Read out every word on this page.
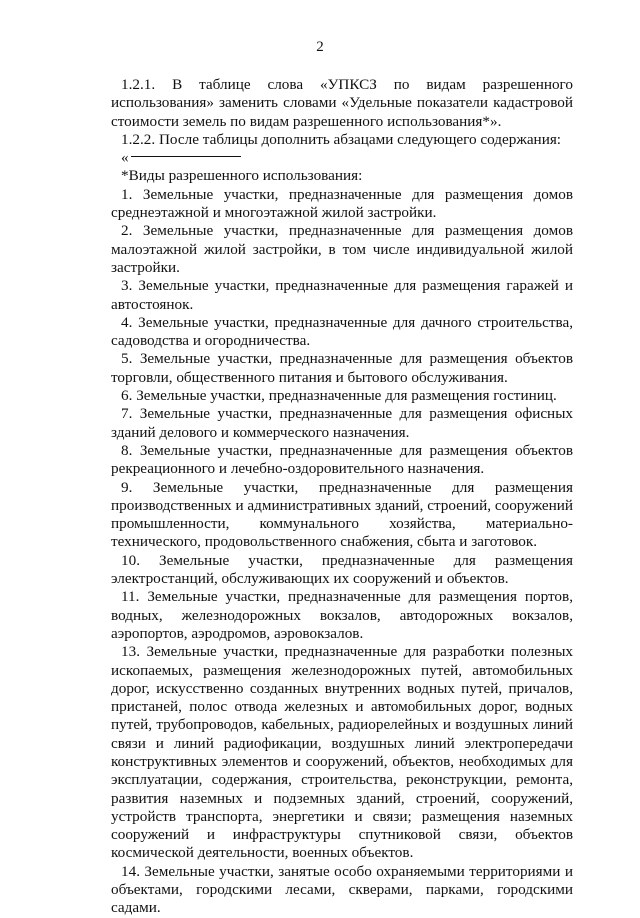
2

1.2.1. В таблице слова «УПКСЗ по видам разрешенного использования» заменить словами «Удельные показатели кадастровой стоимости земель по видам разрешенного использования*».

1.2.2. После таблицы дополнить абзацами следующего содержания:

«

*Виды разрешенного использования:

1. Земельные участки, предназначенные для размещения домов среднеэтажной и многоэтажной жилой застройки.

2. Земельные участки, предназначенные для размещения домов малоэтажной жилой застройки, в том числе индивидуальной жилой застройки.

3. Земельные участки, предназначенные для размещения гаражей и автостоянок.

4. Земельные участки, предназначенные для дачного строительства, садоводства и огородничества.

5. Земельные участки, предназначенные для размещения объектов торговли, общественного питания и бытового обслуживания.

6. Земельные участки, предназначенные для размещения гостиниц.

7. Земельные участки, предназначенные для размещения офисных зданий делового и коммерческого назначения.

8. Земельные участки, предназначенные для размещения объектов рекреационного и лечебно-оздоровительного назначения.

9. Земельные участки, предназначенные для размещения производственных и административных зданий, строений, сооружений промышленности, коммунального хозяйства, материально-технического, продовольственного снабжения, сбыта и заготовок.

10. Земельные участки, предназначенные для размещения электростанций, обслуживающих их сооружений и объектов.

11. Земельные участки, предназначенные для размещения портов, водных, железнодорожных вокзалов, автодорожных вокзалов, аэропортов, аэродромов, аэровокзалов.

13. Земельные участки, предназначенные для разработки полезных ископаемых, размещения железнодорожных путей, автомобильных дорог, искусственно созданных внутренних водных путей, причалов, пристаней, полос отвода железных и автомобильных дорог, водных путей, трубопроводов, кабельных, радиорелейных и воздушных линий связи и линий радиофикации, воздушных линий электропередачи конструктивных элементов и сооружений, объектов, необходимых для эксплуатации, содержания, строительства, реконструкции, ремонта, развития наземных и подземных зданий, строений, сооружений, устройств транспорта, энергетики и связи; размещения наземных сооружений и инфраструктуры спутниковой связи, объектов космической деятельности, военных объектов.

14. Земельные участки, занятые особо охраняемыми территориями и объектами, городскими лесами, скверами, парками, городскими садами.
